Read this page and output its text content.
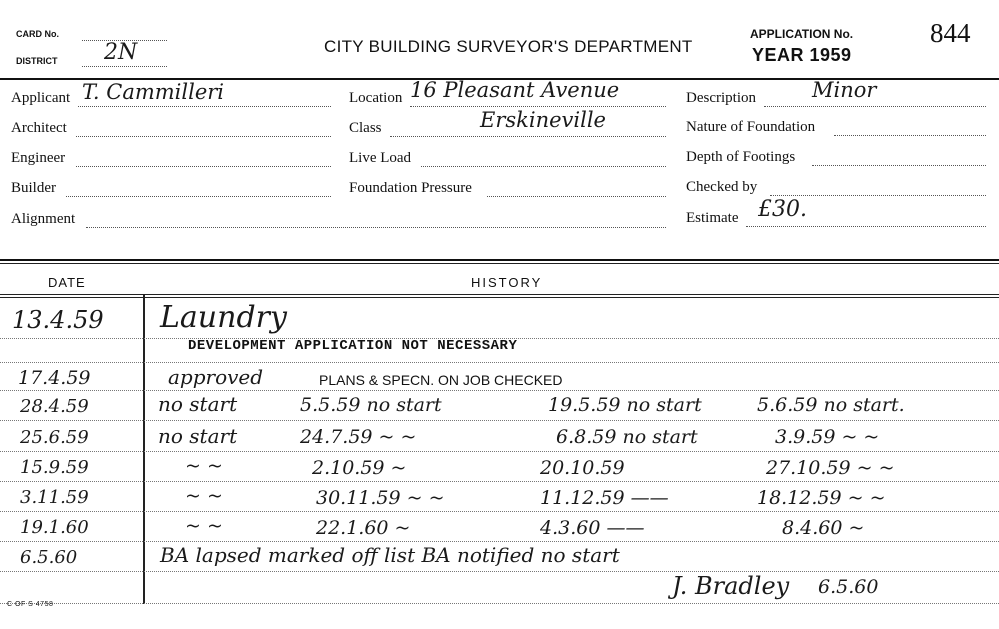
CARD No.
DISTRICT 2N	CITY BUILDING SURVEYOR'S DEPARTMENT
APPLICATION No.
YEAR 1959
844
Applicant T. Cammilleri
Architect
Engineer
Builder
Alignment
Location 16 Pleasant Avenue
Class	Erskineville
Live Load
Foundation Pressure
Description	Minor
Nature of Foundation
Depth of Footings
Checked by
Estimate £30.
DATE	HISTORY
13.4.59 Laundry
DEVELOPMENT APPLICATION NOT NECESSARY
17.4.59	approved	PLANS & SPECN. ON JOB CHECKED
28.4.59	no start	5.5.59 no start	19.5.59 no start	5.6.59 no start.
25.6.59	no start	24.7.59 ~ ~	6.8.59 no start	3.9.59 ~ ~
15.9.59	~ ~	2.10.59 ~	20.10.59	27.10.59 ~ ~
3.11.59	~ ~	30.11.59 ~ ~	11.12.59 ——	18.12.59 ~ ~
19.1.60	~ ~	22.1.60 ~	4.3.60 ——	8.4.60 ~
6.5.60	BA lapsed marked off list BA notified no start
J. Bradley 6.5.60
C OF S 4758
